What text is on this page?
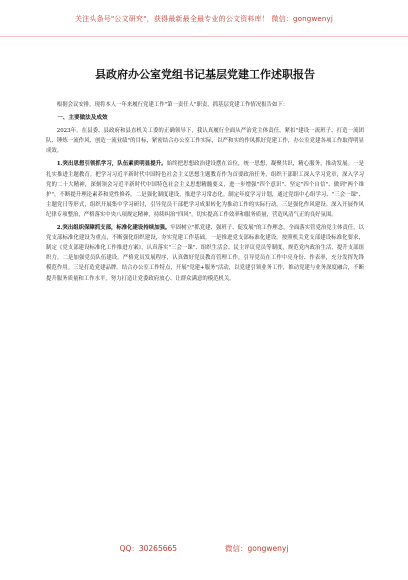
关注头条号"公文研究"，获得最新最全最专业的公文资料库！ 微信：gongwenyj
县政府办公室党组书记基层党建工作述职报告

根据会议安排，现将本人一年来履行党建工作"第一责任人"职责，抓基层党建工作情况报告如下：

一、主要做法及成效

2023年，在县委、县政府和县直机关工委的正确领导下，我认真履行全面从严治党主体责任，紧扣"建设一流班子、打造一流团队、锤炼一流作风、创造一流业绩"的目标，紧密结合办公室工作实际，以严和实的作风抓好党建工作，办公室党建各项工作取得明显成效。

1.突出思想引领抓学习，队伍素质明显提升。始终把思想政治建设摆在首位，统一思想，凝聚共识，精心服务，推动发展。一是扎实推进主题教育。把学习习近平新时代中国特色社会主义思想主题教育作为首要政治任务，组织干部职工深入学习党章，深入学习党的二十大精神，深刻领会习近平新时代中国特色社会主义思想精髓要义，进一步增强"四个意识"、坚定"四个自信"、做到"两个维护"，不断提升理论素养和党性修养。二是强化制度建设，推进学习常态化。制定年度学习计划，通过党组中心组学习、"三会一课"、主题党日等形式，组织开展集中学习研讨，引导党员干部把学习成果转化为推动工作的实际行动。三是强化作风建设。深入开展作风纪律专项整治，严格落实中央八项规定精神，持续纠治"四风"，切实提高工作效率和服务质量，营造风清气正的良好氛围。

2.突出组织保障抓支部，标准化建设持续加强。牢固树立"抓党建、强班子、促发展"的工作理念，全面落实管党治党主体责任，以党支部标准化建设为重点，不断强化组织建设，夯实党建工作基础。一是推进党支部标准化建设。按照机关党支部建设标准化要求，制定《党支部建设标准化工作推进方案》，认真落实"三会一课"、组织生活会、民主评议党员等制度，规范党内政治生活，提升支部组织力。二是加强党员队伍建设。严格党员发展程序，认真做好党员教育管理工作，引导党员在工作中亮身份、作表率，充分发挥先锋模范作用。三是打造党建品牌。结合办公室工作特点，开展"党建+服务"活动，以党建引领业务工作，推动党建与业务深度融合，不断提升服务质量和工作水平，努力打造让党委政府放心、让群众满意的模范机关。

QQ：30265665	微信：gongwenyj
